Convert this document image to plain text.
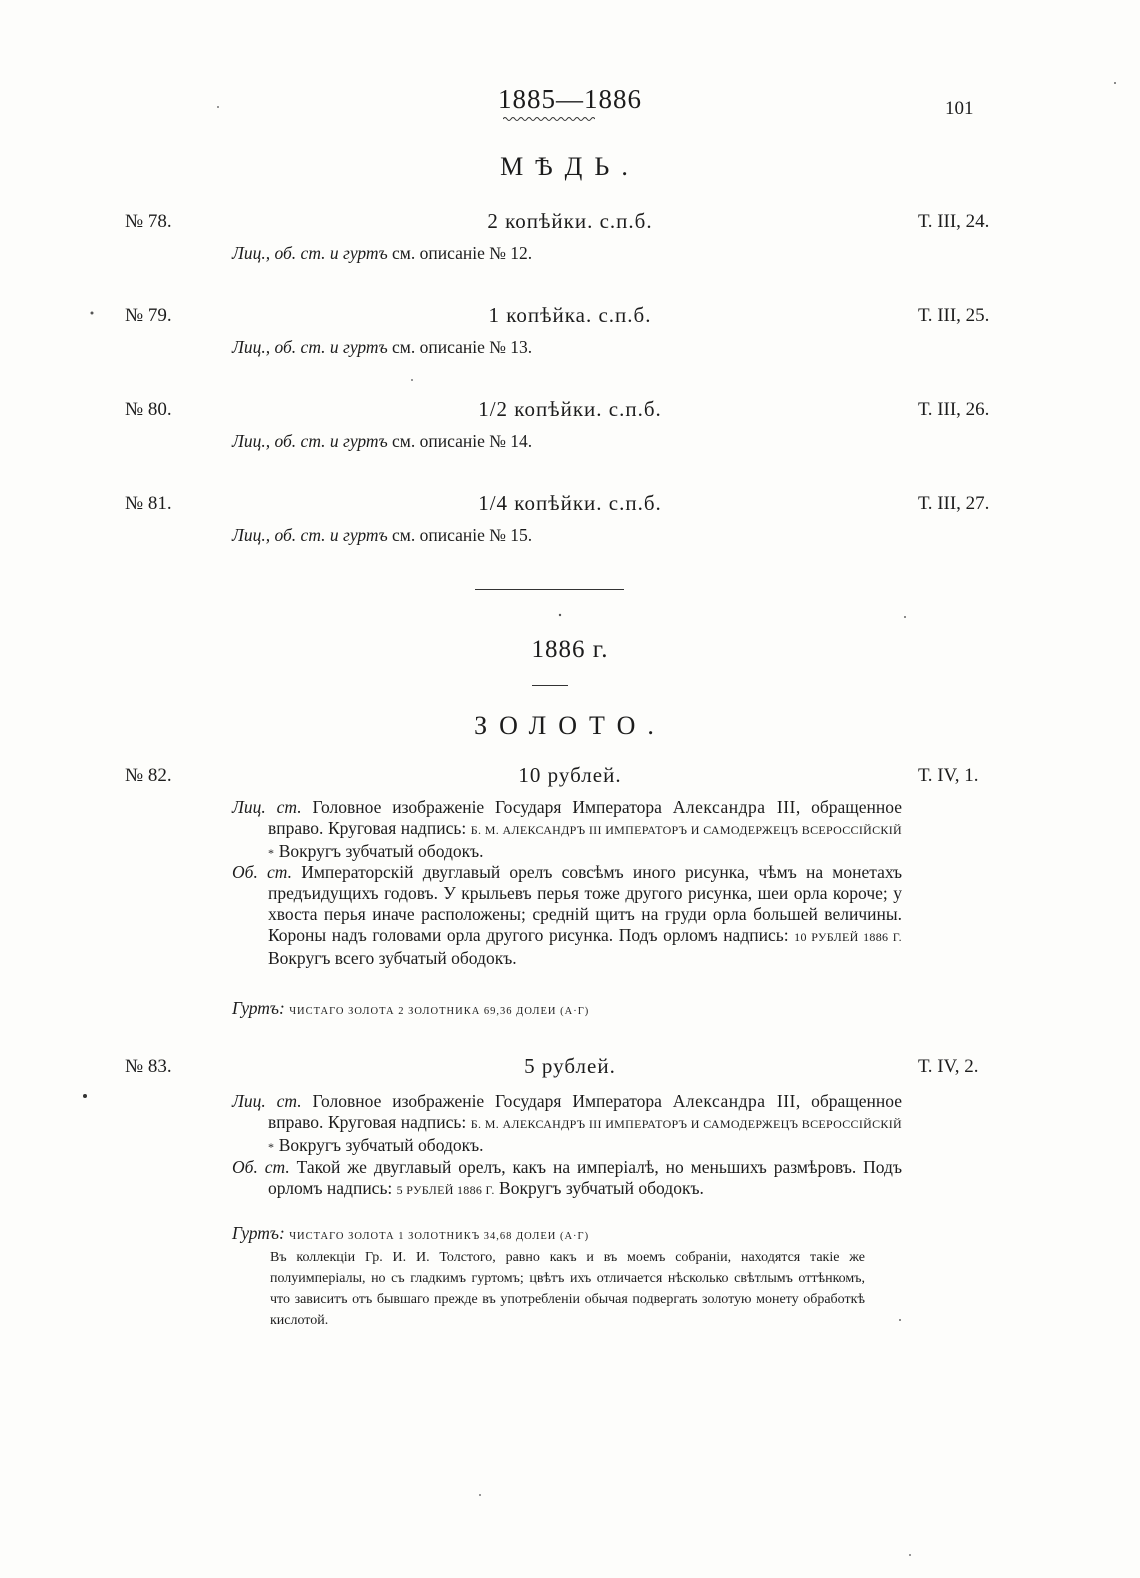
1885—1886	101
МѢДЬ.
№ 78.	2 копѣйки. с.п.б.	Т. III, 24.
Лиц., об. ст. и гуртъ см. описаніе № 12.
№ 79.	1 копѣйка. с.п.б.	Т. III, 25.
Лиц., об. ст. и гуртъ см. описаніе № 13.
№ 80.	1/2 копѣйки. с.п.б.	Т. III, 26.
Лиц., об. ст. и гуртъ см. описаніе № 14.
№ 81.	1/4 копѣйки. с.п.б.	Т. III, 27.
Лиц., об. ст. и гуртъ см. описаніе № 15.
1886 г.
ЗОЛОТО.
№ 82.	10 рублей.	Т. IV, 1.
Лиц. ст. Головное изображеніе Государя Императора Александра III, обращенное вправо. Круговая надпись: Б. М. АЛЕКСАНДРЪ III ИМПЕРАТОРЪ И САМОДЕРЖЕЦЪ ВСЕРОССІЙСКІЙ * Вокругъ зубчатый ободокъ.
Об. ст. Императорскій двуглавый орелъ совсѣмъ иного рисунка, чѣмъ на монетахъ предъидущихъ годовъ. У крыльевъ перья тоже другого рисунка, шеи орла короче; у хвоста перья иначе расположены; средній щитъ на груди орла большей величины. Короны надъ головами орла другого рисунка. Подъ орломъ надпись: 10 РУБЛЕЙ 1886 Г. Вокругъ всего зубчатый ободокъ.
Гуртъ: ЧИСТАГО ЗОЛОТА 2 ЗОЛОТНИКА 69,36 ДОЛЕИ (А·Г)
№ 83.	5 рублей.	Т. IV, 2.
Лиц. ст. Головное изображеніе Государя Императора Александра III, обращенное вправо. Круговая надпись: Б. М. АЛЕКСАНДРЪ III ИМПЕРАТОРЪ И САМОДЕРЖЕЦЪ ВСЕРОССІЙСКІЙ * Вокругъ зубчатый ободокъ.
Об. ст. Такой же двуглавый орелъ, какъ на имперіалѣ, но меньшихъ размѣровъ. Подъ орломъ надпись: 5 РУБЛЕЙ 1886 Г. Вокругъ зубчатый ободокъ.
Гуртъ: ЧИСТАГО ЗОЛОТА 1 ЗОЛОТНИКЪ 34,68 ДОЛЕИ (А·Г)
Въ коллекціи Гр. И. И. Толстого, равно какъ и въ моемъ собраніи, находятся такіе же полуимперіалы, но съ гладкимъ гуртомъ; цвѣтъ ихъ отличается нѣсколько свѣтлымъ оттѣнкомъ, что зависитъ отъ бывшаго прежде въ употребленіи обычая подвергать золотую монету обработкѣ кислотой.
